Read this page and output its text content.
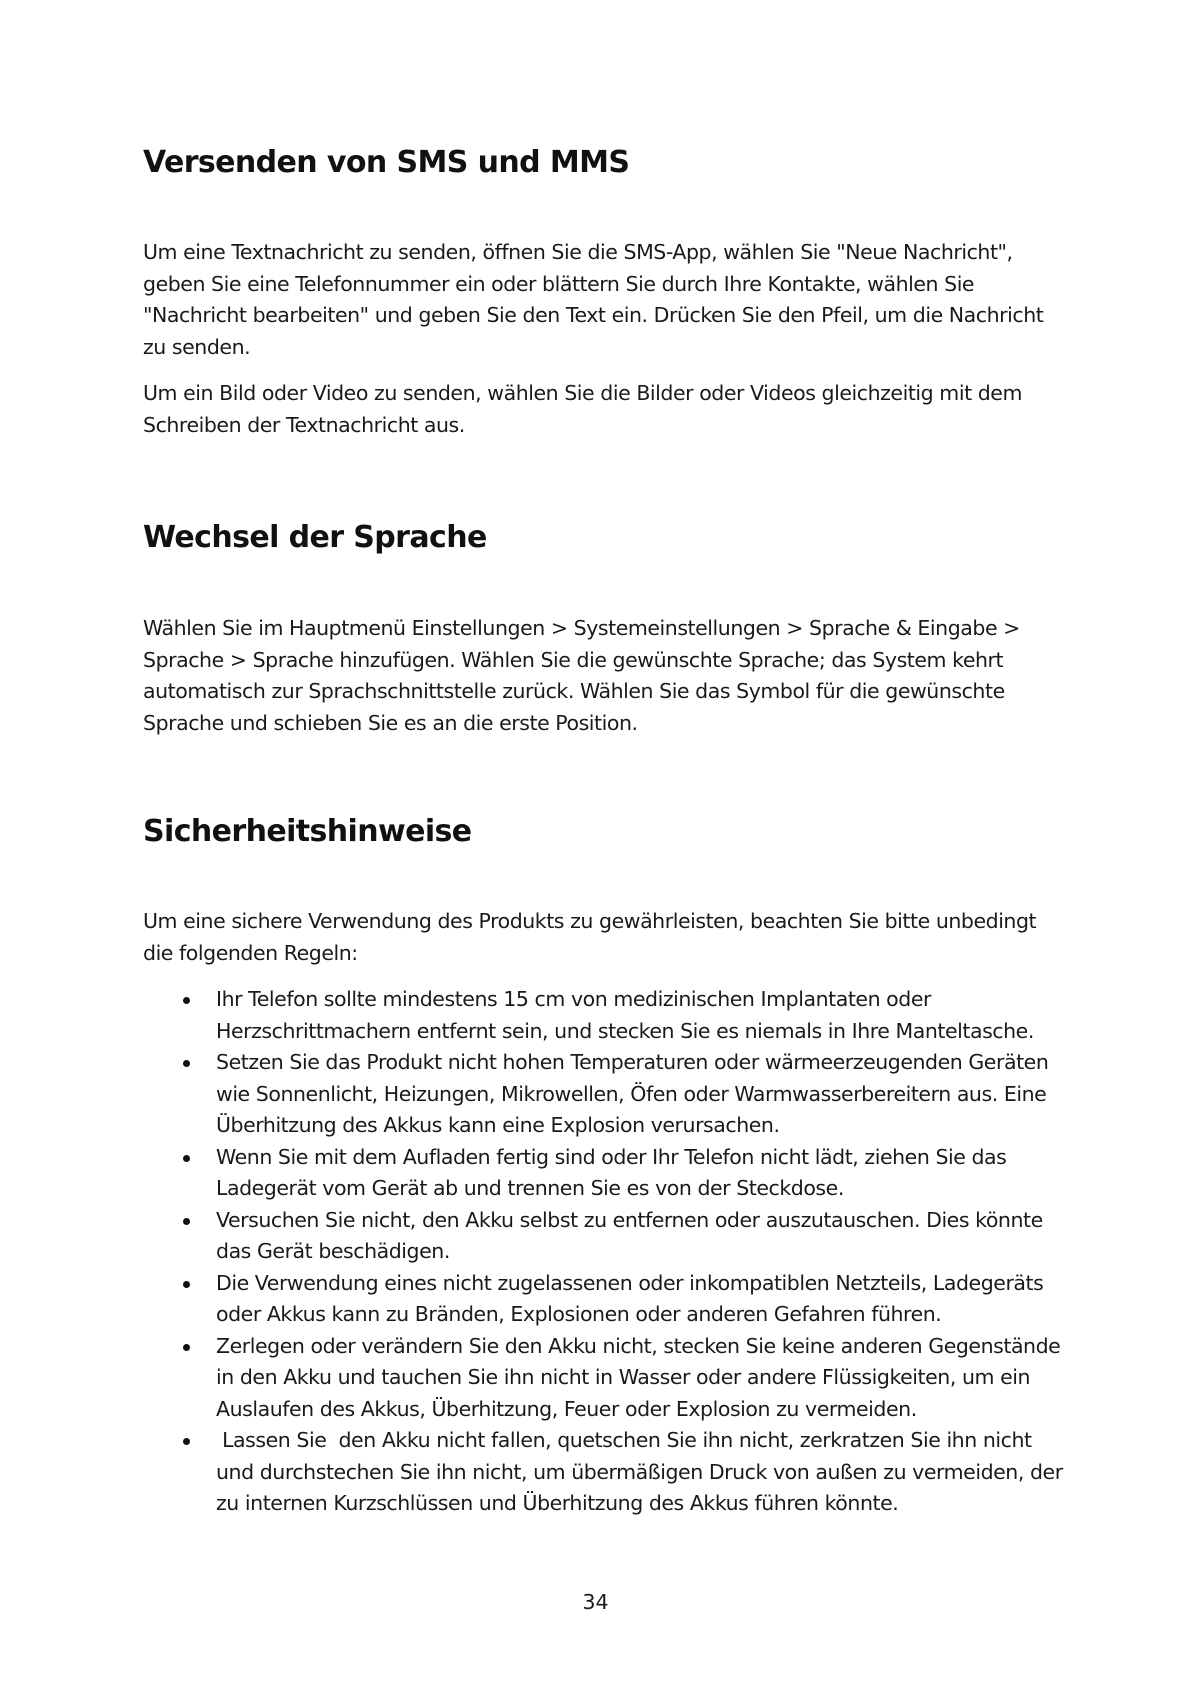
Versenden von SMS und MMS

Um eine Textnachricht zu senden, öffnen Sie die SMS-App, wählen Sie "Neue Nachricht", geben Sie eine Telefonnummer ein oder blättern Sie durch Ihre Kontakte, wählen Sie "Nachricht bearbeiten" und geben Sie den Text ein. Drücken Sie den Pfeil, um die Nachricht zu senden.

Um ein Bild oder Video zu senden, wählen Sie die Bilder oder Videos gleichzeitig mit dem Schreiben der Textnachricht aus.

Wechsel der Sprache

Wählen Sie im Hauptmenü Einstellungen > Systemeinstellungen > Sprache & Eingabe > Sprache > Sprache hinzufügen. Wählen Sie die gewünschte Sprache; das System kehrt automatisch zur Sprachschnittstelle zurück. Wählen Sie das Symbol für die gewünschte Sprache und schieben Sie es an die erste Position.

Sicherheitshinweise

Um eine sichere Verwendung des Produkts zu gewährleisten, beachten Sie bitte unbedingt die folgenden Regeln:

Ihr Telefon sollte mindestens 15 cm von medizinischen Implantaten oder Herzschrittmachern entfernt sein, und stecken Sie es niemals in Ihre Manteltasche.
Setzen Sie das Produkt nicht hohen Temperaturen oder wärmeerzeugenden Geräten wie Sonnenlicht, Heizungen, Mikrowellen, Öfen oder Warmwasserbereitern aus. Eine Überhitzung des Akkus kann eine Explosion verursachen.
Wenn Sie mit dem Aufladen fertig sind oder Ihr Telefon nicht lädt, ziehen Sie das Ladegerät vom Gerät ab und trennen Sie es von der Steckdose.
Versuchen Sie nicht, den Akku selbst zu entfernen oder auszutauschen. Dies könnte das Gerät beschädigen.
Die Verwendung eines nicht zugelassenen oder inkompatiblen Netzteils, Ladegeräts oder Akkus kann zu Bränden, Explosionen oder anderen Gefahren führen.
Zerlegen oder verändern Sie den Akku nicht, stecken Sie keine anderen Gegenstände in den Akku und tauchen Sie ihn nicht in Wasser oder andere Flüssigkeiten, um ein Auslaufen des Akkus, Überhitzung, Feuer oder Explosion zu vermeiden.
Lassen Sie  den Akku nicht fallen, quetschen Sie ihn nicht, zerkratzen Sie ihn nicht und durchstechen Sie ihn nicht, um übermäßigen Druck von außen zu vermeiden, der zu internen Kurzschlüssen und Überhitzung des Akkus führen könnte.
34
